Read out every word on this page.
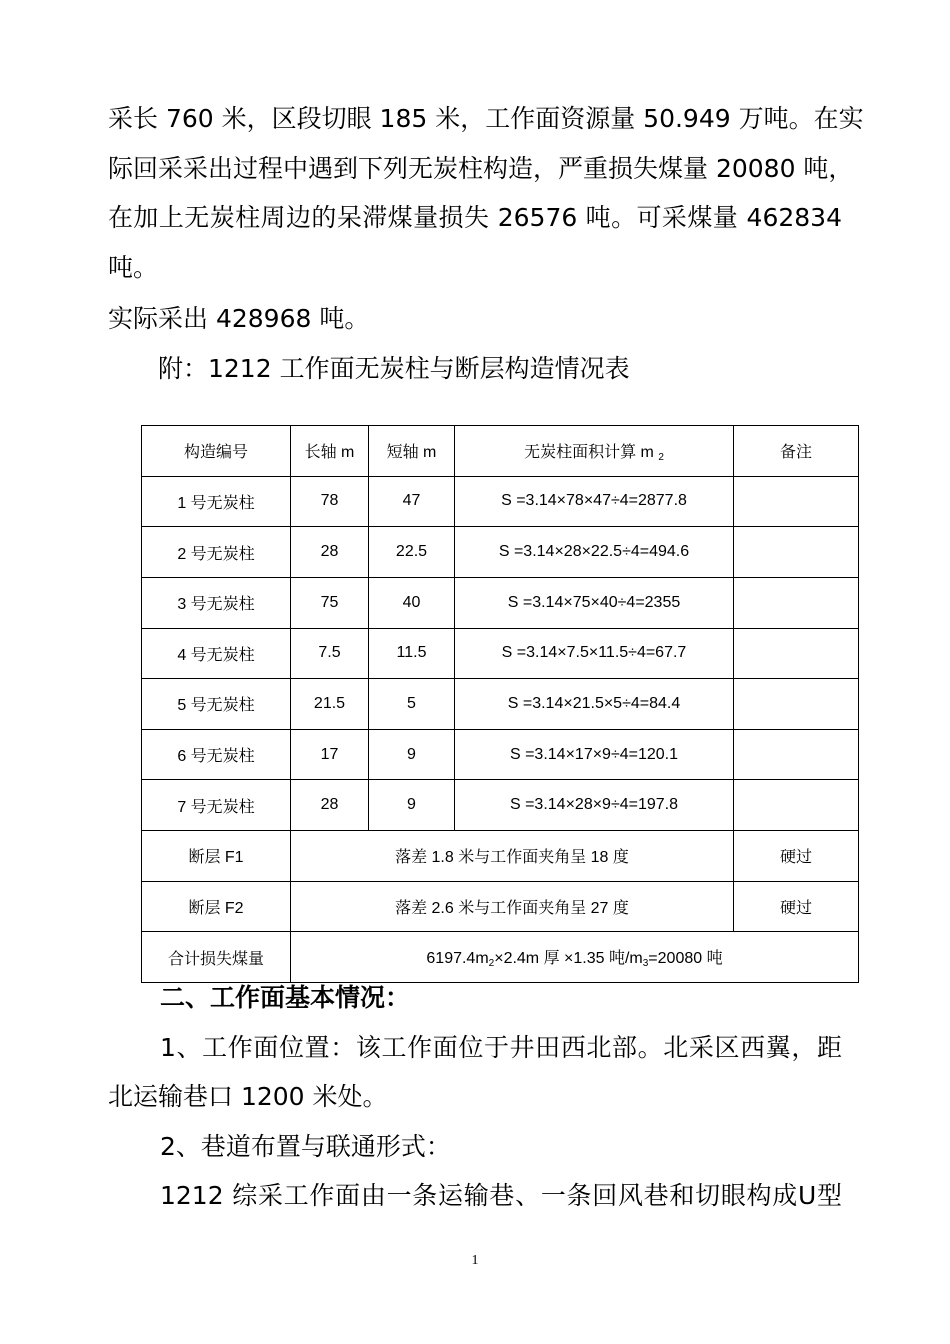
采长 760 米，区段切眼 185 米，工作面资源量 50.949 万吨。在实
际回采采出过程中遇到下列无炭柱构造，严重损失煤量 20080 吨，
在加上无炭柱周边的呆滞煤量损失 26576 吨。可采煤量 462834
吨。
实际采出 428968 吨。
附：1212 工作面无炭柱与断层构造情况表
构造编号	长轴 m	短轴 m	无炭柱面积计算 m $_2$	备注
1 号无炭柱	78	47	S =3.14×78×47÷4=2877.8	
2 号无炭柱	28	22.5	S =3.14×28×22.5÷4=494.6	
3 号无炭柱	75	40	S =3.14×75×40÷4=2355	
4 号无炭柱	7.5	11.5	S =3.14×7.5×11.5÷4=67.7	
5 号无炭柱	21.5	5	S =3.14×21.5×5÷4=84.4	
6 号无炭柱	17	9	S =3.14×17×9÷4=120.1	
7 号无炭柱	28	9	S =3.14×28×9÷4=197.8	
断层 F1	落差 1.8 米与工作面夹角呈 18 度			硬过
断层 F2	落差 2.6 米与工作面夹角呈 27 度			硬过
合计损失煤量	$6197.4m_2\times 2.4m$ 厚 ×1.35 吨$/m_3=20080$ 吨			
二、工作面基本情况：
1、工作面位置：该工作面位于井田西北部。北采区西翼，距
北运输巷口 1200 米处。
2、巷道布置与联通形式：
1212 综采工作面由一条运输巷、一条回风巷和切眼构成U型
1
